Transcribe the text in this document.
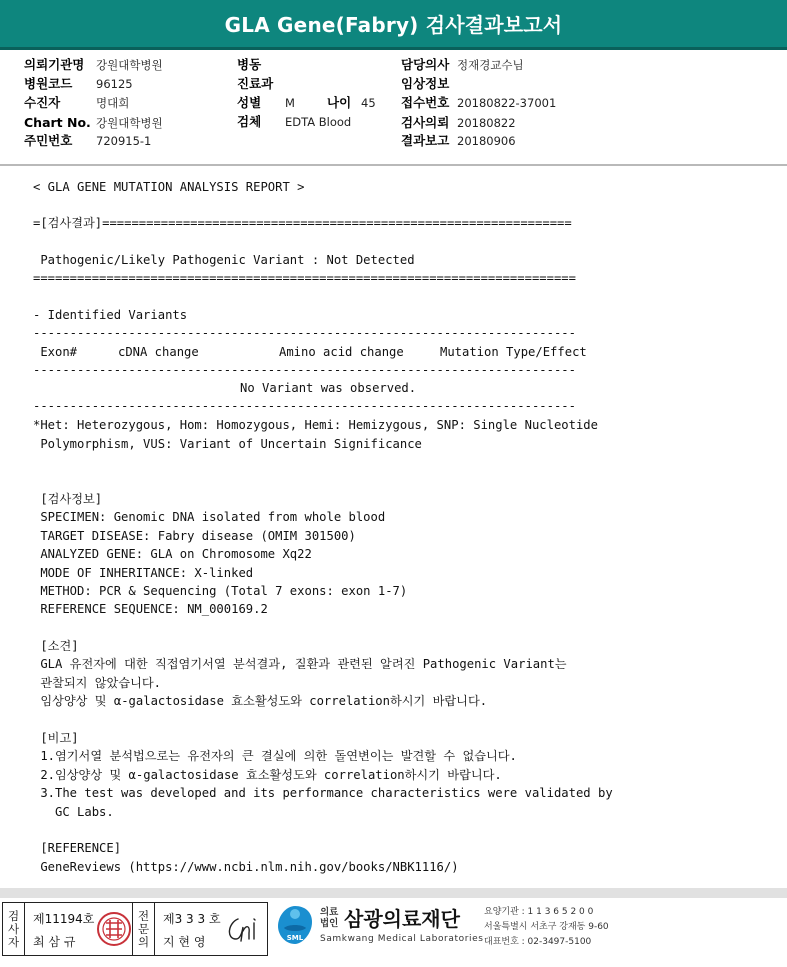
GLA Gene(Fabry) 검사결과보고서
의뢰기관명 강원대학병원
병원코드 96125
수진자	명대희
Chart No. 강원대학병원
주민번호 720915-1
병동
진료과
성별 M	나이 45
검체 EDTA Blood
담당의사 정재경교수님
임상정보
접수번호 20180822-37001
검사의뢰 20180822
결과보고 20180906
< GLA GENE MUTATION ANALYSIS REPORT >
=[검사결과]================================================================
Pathogenic/Likely Pathogenic Variant : Not Detected
==========================================================================
- Identified Variants
--------------------------------------------------------------------------
Exon#	cDNA change	Amino acid change	Mutation Type/Effect
--------------------------------------------------------------------------
No Variant was observed.
--------------------------------------------------------------------------
*Het: Heterozygous, Hom: Homozygous, Hemi: Hemizygous, SNP: Single Nucleotide
Polymorphism, VUS: Variant of Uncertain Significance
[검사정보]
SPECIMEN: Genomic DNA isolated from whole blood
TARGET DISEASE: Fabry disease (OMIM 301500)
ANALYZED GENE: GLA on Chromosome Xq22
MODE OF INHERITANCE: X-linked
METHOD: PCR & Sequencing (Total 7 exons: exon 1-7)
REFERENCE SEQUENCE: NM_000169.2
[소견]
GLA 유전자에 대한 직접염기서열 분석결과, 질환과 관련된 알려진 Pathogenic Variant는
관찰되지 않았습니다.
임상양상 및 α-galactosidase 효소활성도와 correlation하시기 바랍니다.
[비고]
1.염기서열 분석법으로는 유전자의 큰 결실에 의한 돌연변이는 발견할 수 없습니다.
2.임상양상 및 α-galactosidase 효소활성도와 correlation하시기 바랍니다.
3.The test was developed and its performance characteristics were validated by
GC Labs.
[REFERENCE]
GeneReviews (https://www.ncbi.nlm.nih.gov/books/NBK1116/)
검
사
자
제11194호
최 삼 규
전
문
의
제3 3 3 호
지 현 영	SML
의료
법인 삼광의료재단
Samkwang Medical Laboratories
요양기관 : 1 1 3 6 5 2 0 0
서울특별시 서초구 강재동 9-60
대표번호 : 02-3497-5100
